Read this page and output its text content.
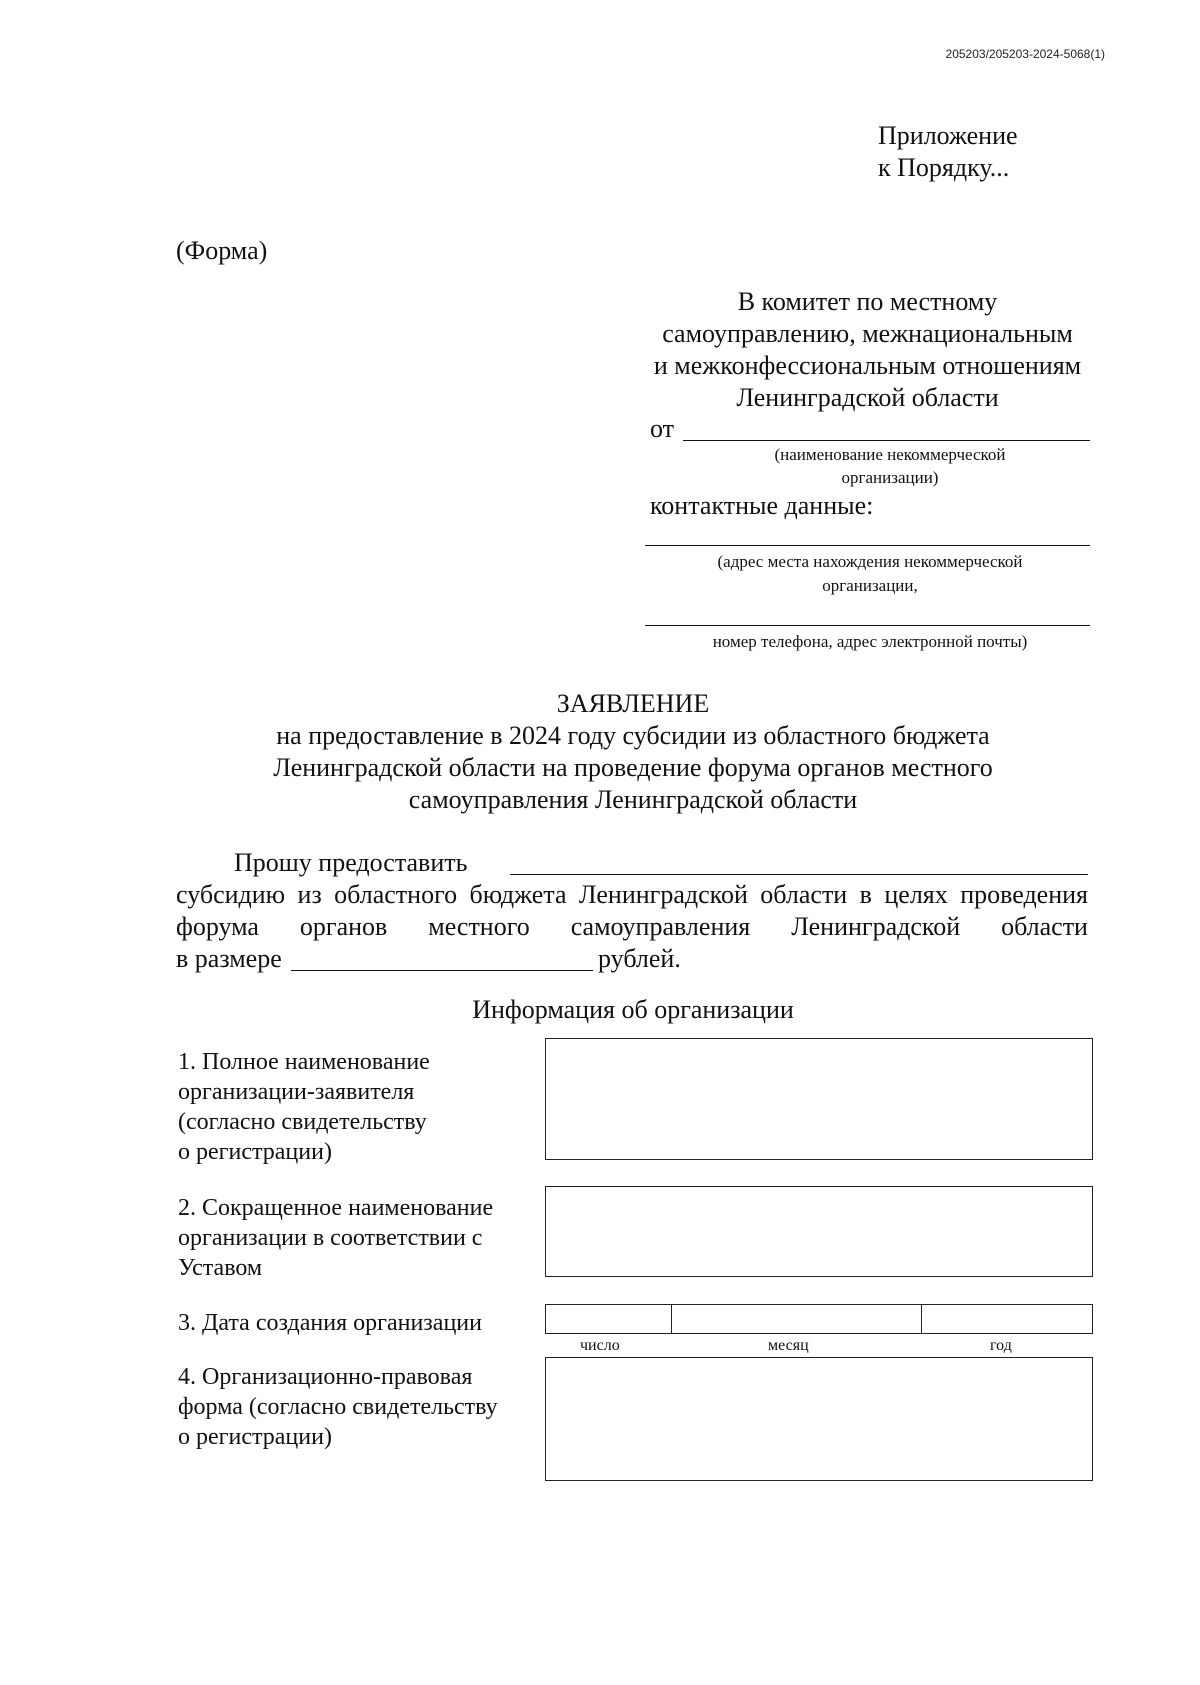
205203/205203-2024-5068(1)
Приложение
к Порядку...
(Форма)
В комитет по местному
самоуправлению, межнациональным
и межконфессиональным отношениям
Ленинградской области
от
(наименование некоммерческой
организации)
контактные данные:
(адрес места нахождения некоммерческой
организации,
номер телефона, адрес электронной почты)
ЗАЯВЛЕНИЕ
на предоставление в 2024 году субсидии из областного бюджета
Ленинградской области на проведение форума органов местного
самоуправления Ленинградской области
Прошу предоставить
субсидию из областного бюджета Ленинградской области в целях проведения
форума органов местного самоуправления Ленинградской области
в размере	рублей.
Информация об организации
1. Полное наименование
организации-заявителя
(согласно свидетельству
о регистрации)
2. Сокращенное наименование
организации в соответствии с
Уставом
3. Дата создания организации
число	месяц	год
4. Организационно-правовая
форма (согласно свидетельству
о регистрации)
